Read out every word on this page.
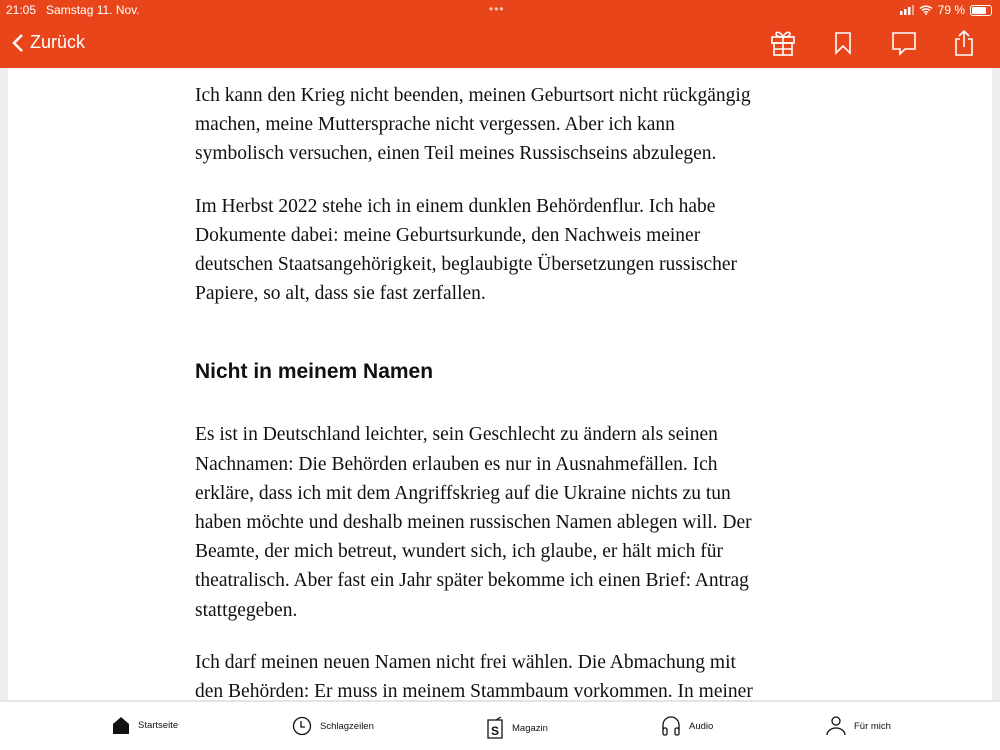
21:05 Samstag 11. Nov.	79 %
•••
Zurück

Ich kann den Krieg nicht beenden, meinen Geburtsort nicht rückgängig
machen, meine Muttersprache nicht vergessen. Aber ich kann
symbolisch versuchen, einen Teil meines Russischseins abzulegen.

Im Herbst 2022 stehe ich in einem dunklen Behördenflur. Ich habe
Dokumente dabei: meine Geburtsurkunde, den Nachweis meiner
deutschen Staatsangehörigkeit, beglaubigte Übersetzungen russischer
Papiere, so alt, dass sie fast zerfallen.

Nicht in meinem Namen

Es ist in Deutschland leichter, sein Geschlecht zu ändern als seinen
Nachnamen: Die Behörden erlauben es nur in Ausnahmefällen. Ich
erkläre, dass ich mit dem Angriffskrieg auf die Ukraine nichts zu tun
haben möchte und deshalb meinen russischen Namen ablegen will. Der
Beamte, der mich betreut, wundert sich, ich glaube, er hält mich für
theatralisch. Aber fast ein Jahr später bekomme ich einen Brief: Antrag
stattgegeben.

Ich darf meinen neuen Namen nicht frei wählen. Die Abmachung mit
den Behörden: Er muss in meinem Stammbaum vorkommen. In meiner

Startseite	Schlagzeilen	S Magazin	Audio	Für mich
